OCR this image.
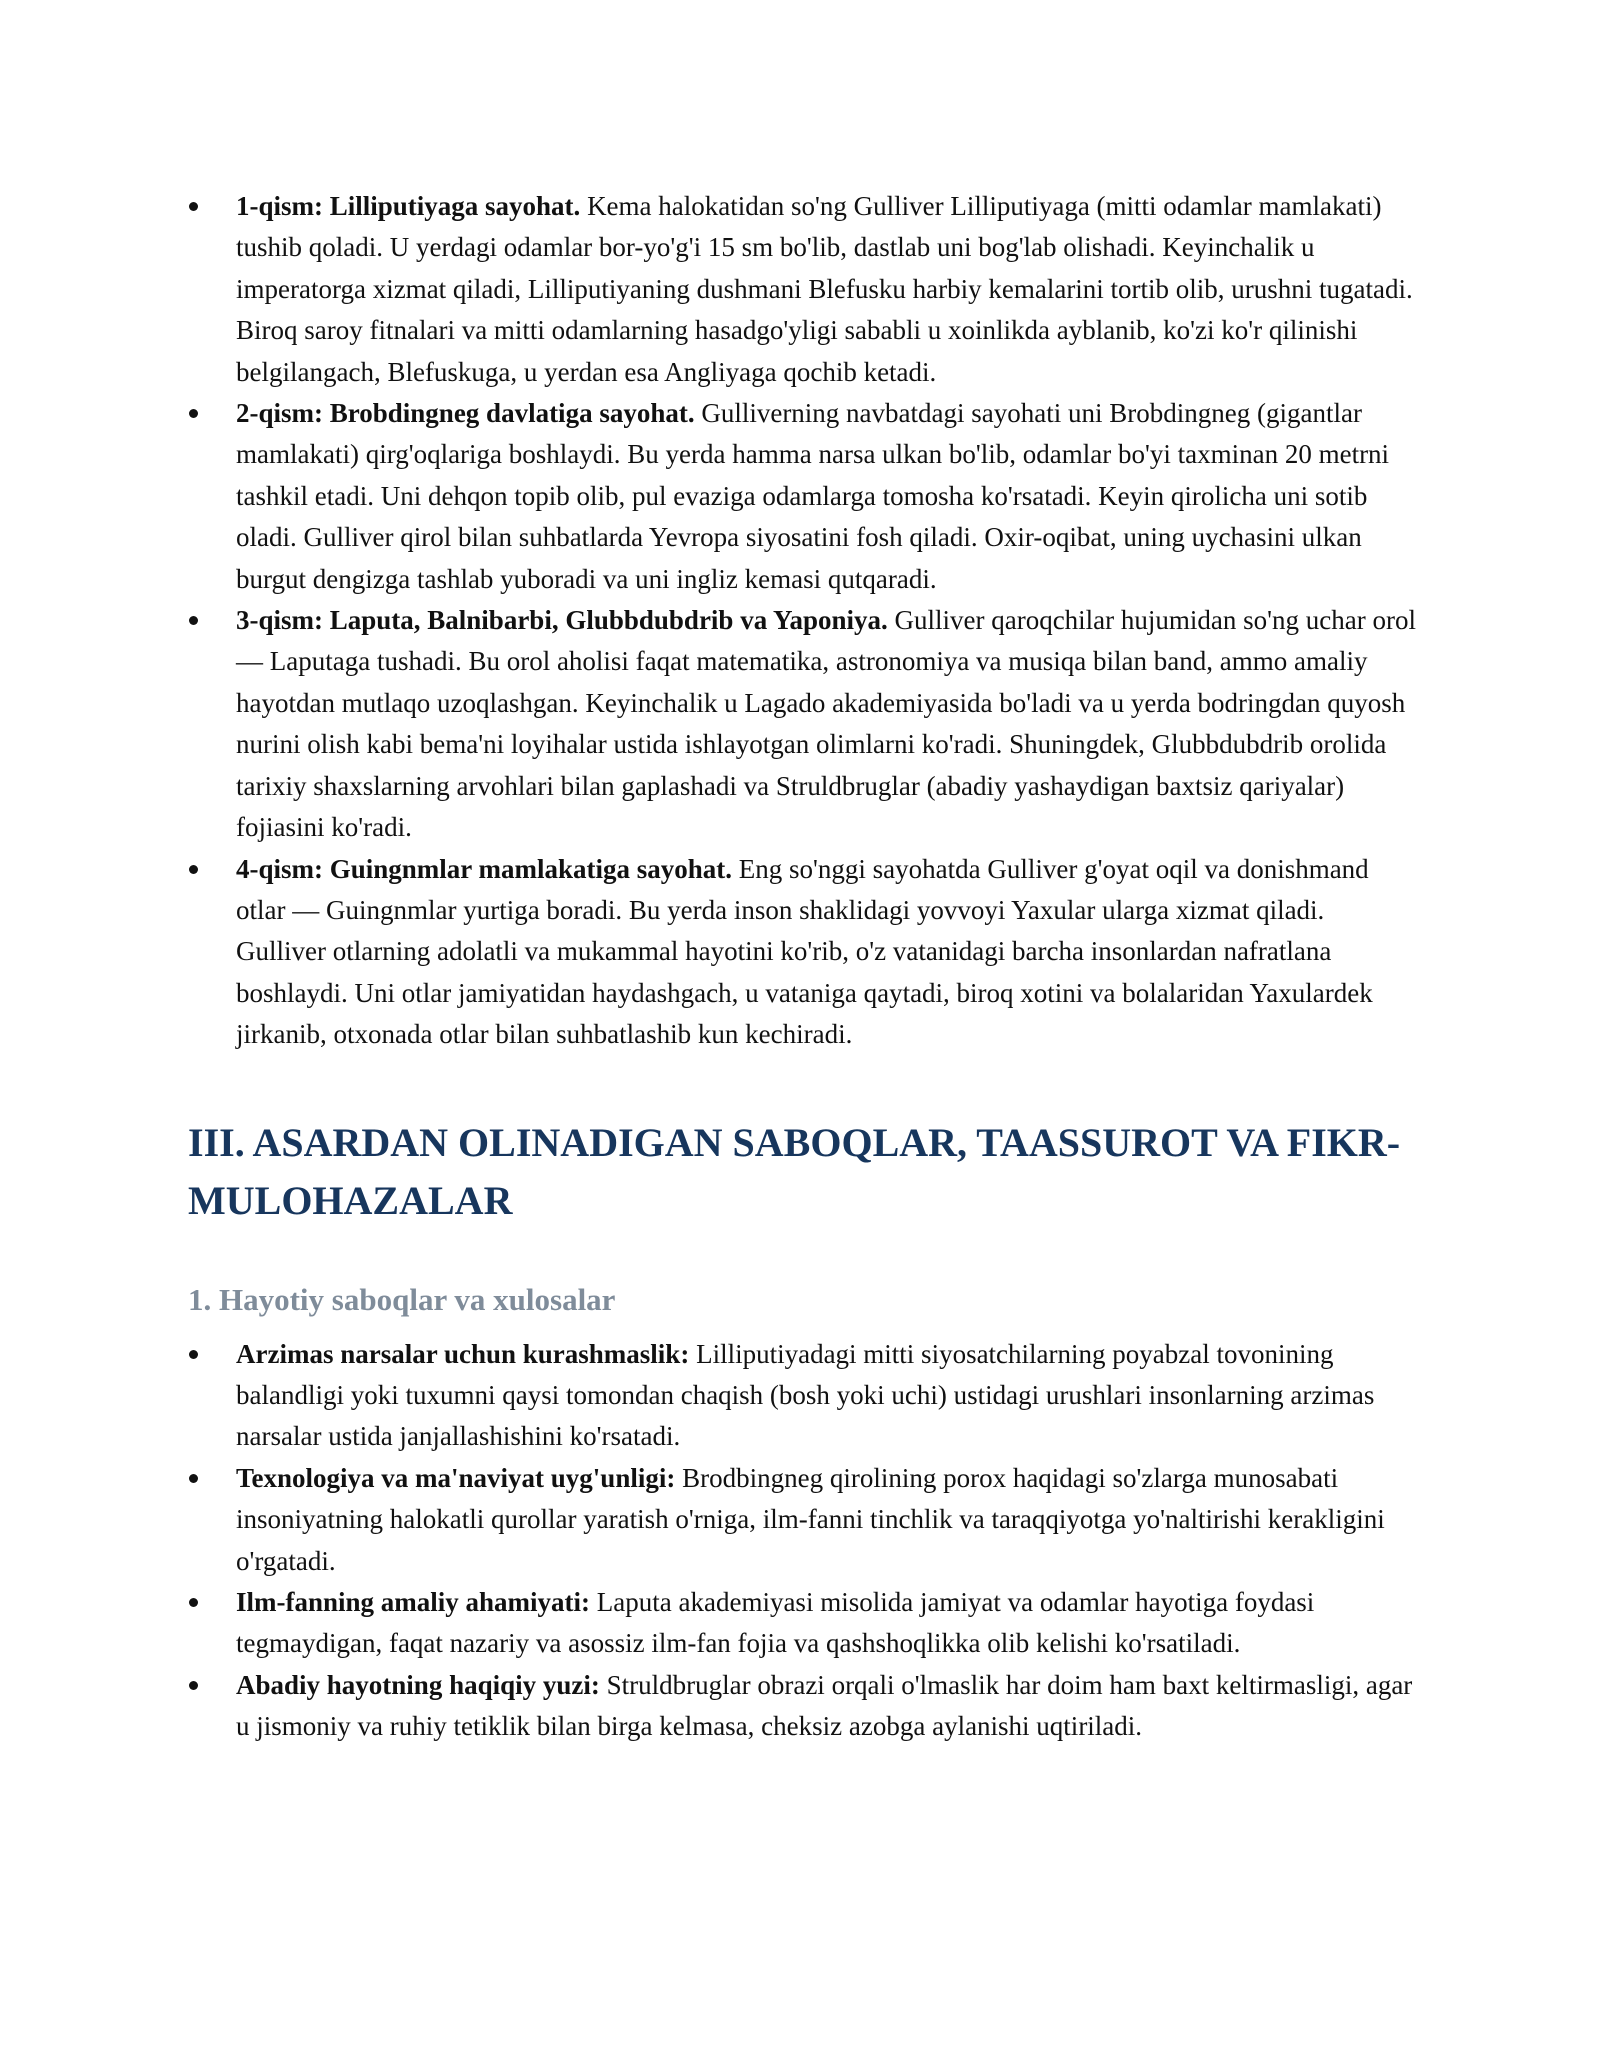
1-qism: Lilliputiyaga sayohat. Kema halokatidan so'ng Gulliver Lilliputiyaga (mitti odamlar mamlakati) tushib qoladi. U yerdagi odamlar bor-yo'g'i 15 sm bo'lib, dastlab uni bog'lab olishadi. Keyinchalik u imperatorga xizmat qiladi, Lilliputiyaning dushmani Blefusku harbiy kemalarini tortib olib, urushni tugatadi. Biroq saroy fitnalari va mitti odamlarning hasadgo'yligi sababli u xoinlikda ayblanib, ko'zi ko'r qilinishi belgilangach, Blefuskuga, u yerdan esa Angliyaga qochib ketadi.
2-qism: Brobdingneg davlatiga sayohat. Gulliverning navbatdagi sayohati uni Brobdingneg (gigantlar mamlakati) qirg'oqlariga boshlaydi. Bu yerda hamma narsa ulkan bo'lib, odamlar bo'yi taxminan 20 metrni tashkil etadi. Uni dehqon topib olib, pul evaziga odamlarga tomosha ko'rsatadi. Keyin qirolicha uni sotib oladi. Gulliver qirol bilan suhbatlarda Yevropa siyosatini fosh qiladi. Oxir-oqibat, uning uychasini ulkan burgut dengizga tashlab yuboradi va uni ingliz kemasi qutqaradi.
3-qism: Laputa, Balnibarbi, Glubbdubdrib va Yaponiya. Gulliver qaroqchilar hujumidan so'ng uchar orol — Laputaga tushadi. Bu orol aholisi faqat matematika, astronomiya va musiqa bilan band, ammo amaliy hayotdan mutlaqo uzoqlashgan. Keyinchalik u Lagado akademiyasida bo'ladi va u yerda bodringdan quyosh nurini olish kabi bema'ni loyihalar ustida ishlayotgan olimlarni ko'radi. Shuningdek, Glubbdubdrib orolida tarixiy shaxslarning arvohlari bilan gaplashadi va Struldbruglar (abadiy yashaydigan baxtsiz qariyalar) fojiasini ko'radi.
4-qism: Guingnmlar mamlakatiga sayohat. Eng so'nggi sayohatda Gulliver g'oyat oqil va donishmand otlar — Guingnmlar yurtiga boradi. Bu yerda inson shaklidagi yovvoyi Yaxular ularga xizmat qiladi. Gulliver otlarning adolatli va mukammal hayotini ko'rib, o'z vatanidagi barcha insonlardan nafratlana boshlaydi. Uni otlar jamiyatidan haydashgach, u vataniga qaytadi, biroq xotini va bolalaridan Yaxulardek jirkanib, otxonada otlar bilan suhbatlashib kun kechiradi.
III. ASARDAN OLINADIGAN SABOQLAR, TAASSUROT VA FIKR-MULOHAZALAR
1. Hayotiy saboqlar va xulosalar
Arzimas narsalar uchun kurashmaslik: Lilliputiyadagi mitti siyosatchilarning poyabzal tovonining balandligi yoki tuxumni qaysi tomondan chaqish (bosh yoki uchi) ustidagi urushlari insonlarning arzimas narsalar ustida janjallashishini ko'rsatadi.
Texnologiya va ma'naviyat uyg'unligi: Brodbingneg qirolining porox haqidagi so'zlarga munosabati insoniyatning halokatli qurollar yaratish o'rniga, ilm-fanni tinchlik va taraqqiyotga yo'naltirishi kerakligini o'rgatadi.
Ilm-fanning amaliy ahamiyati: Laputa akademiyasi misolida jamiyat va odamlar hayotiga foydasi tegmaydigan, faqat nazariy va asossiz ilm-fan fojia va qashshoqlikka olib kelishi ko'rsatiladi.
Abadiy hayotning haqiqiy yuzi: Struldbruglar obrazi orqali o'lmaslik har doim ham baxt keltirmasligi, agar u jismoniy va ruhiy tetiklik bilan birga kelmasa, cheksiz azobga aylanishi uqtiriladi.
